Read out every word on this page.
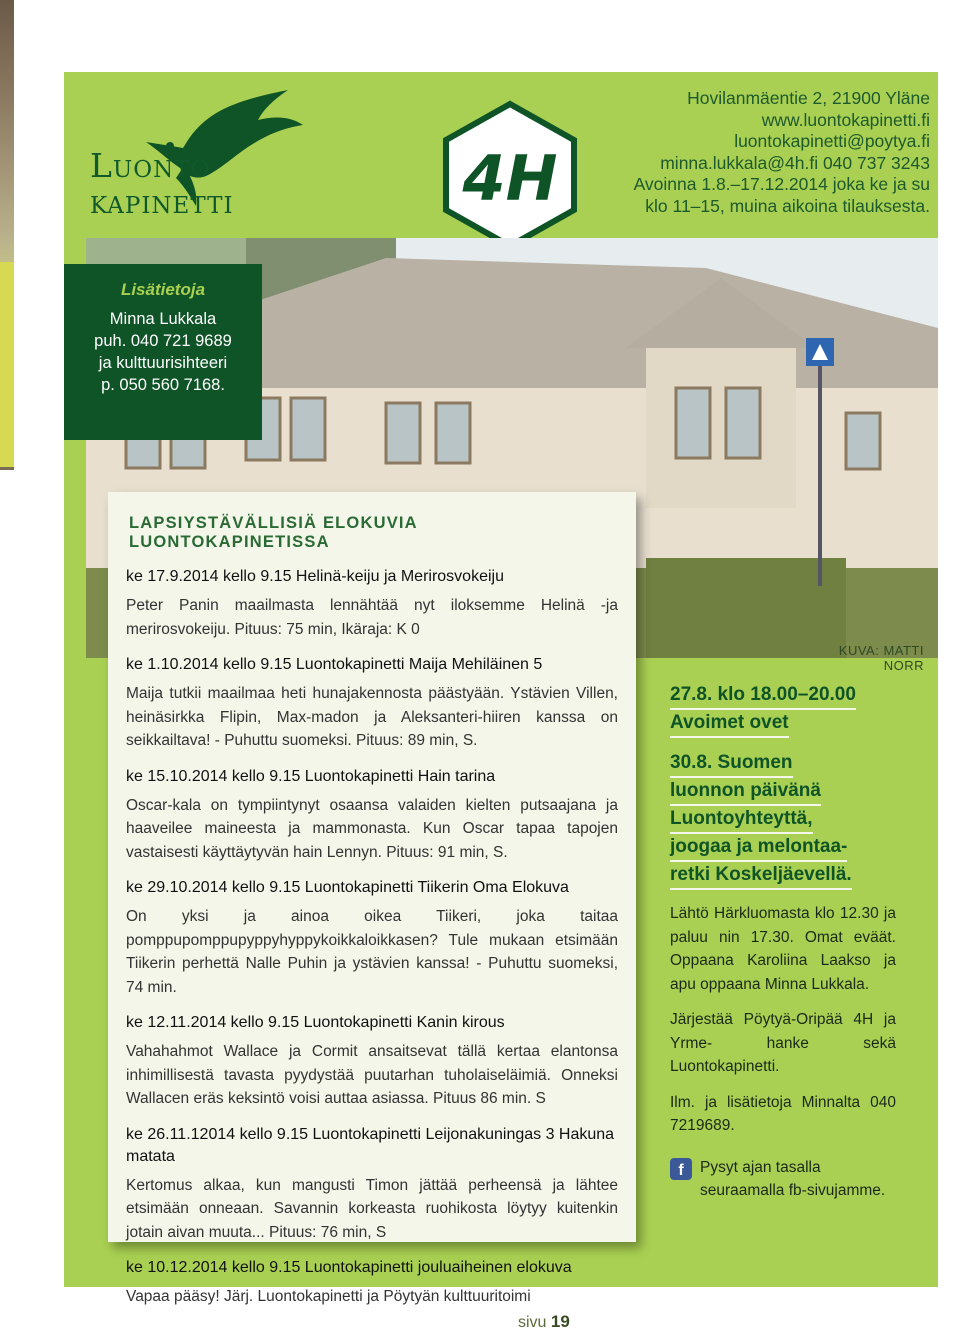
Luonto
kapinetti	4H
Hovilanmäentie 2, 21900 Yläne
www.luontokapinetti.fi
luontokapinetti@poytya.fi
minna.lukkala@4h.fi 040 737 3243
Avoinna 1.8.–17.12.2014 joka ke ja su
klo 11–15, muina aikoina tilauksesta.
KUVA: MATTI NORR
Lisätietoja
Minna Lukkala
puh. 040 721 9689
ja kulttuurisihteeri
p. 050 560 7168.
LAPSIYSTÄVÄLLISIÄ ELOKUVIA LUONTOKAPINETISSA
ke 17.9.2014 kello 9.15 Helinä-keiju ja Merirosvokeiju
Peter Panin maailmasta lennähtää nyt iloksemme Helinä -ja merirosvokeiju. Pituus: 75 min, Ikäraja: K 0
ke 1.10.2014 kello 9.15 Luontokapinetti Maija Mehiläinen 5
Maija tutkii maailmaa heti hunajakennosta päästyään. Ystävien Villen, heinäsirkka Flipin, Max-madon ja Aleksanteri-hiiren kanssa on seikkailtava! - Puhuttu suomeksi. Pituus: 89 min, S.
ke 15.10.2014 kello 9.15 Luontokapinetti Hain tarina
Oscar-kala on tympiintynyt osaansa valaiden kielten putsaajana ja haaveilee maineesta ja mammonasta. Kun Oscar tapaa tapojen vastaisesti käyttäytyvän hain Lennyn. Pituus: 91 min, S.
ke 29.10.2014 kello 9.15 Luontokapinetti Tiikerin Oma Elokuva
On yksi ja ainoa oikea Tiikeri, joka taitaa pomppupomppupyppyhyppykoikkaloikkasen? Tule mukaan etsimään Tiikerin perhettä Nalle Puhin ja ystävien kanssa! - Puhuttu suomeksi, 74 min.
ke 12.11.2014 kello 9.15 Luontokapinetti Kanin kirous
Vahahahmot Wallace ja Cormit ansaitsevat tällä kertaa elantonsa inhimillisestä tavasta pyydystää puutarhan tuholaiseläimiä. Onneksi Wallacen eräs keksintö voisi auttaa asiassa. Pituus 86 min. S
ke 26.11.12014 kello 9.15 Luontokapinetti Leijonakuningas 3 Hakuna matata
Kertomus alkaa, kun mangusti Timon jättää perheensä ja lähtee etsimään onneaan. Savannin korkeasta ruohikosta löytyy kuitenkin jotain aivan muuta... Pituus: 76 min, S
ke 10.12.2014 kello 9.15 Luontokapinetti jouluaiheinen elokuva
Vapaa pääsy! Järj. Luontokapinetti ja Pöytyän kulttuuritoimi
27.8. klo 18.00–20.00
Avoimet ovet
30.8. Suomen
luonnon päivänä
Luontoyhteyttä,
joogaa ja melontaa-
retki Koskeljäevellä.
Lähtö Härkluomasta klo 12.30 ja paluu nin 17.30. Omat eväät. Oppaana Karoliina Laakso ja apu oppaana Minna Lukkala.
Järjestää Pöytyä-Oripää 4H ja Yrme- hanke sekä Luontokapinetti.
Ilm. ja lisätietoja Minnalta 040 7219689.
f	Pysyt ajan tasalla seuraamalla fb-sivujamme.
sivu 19
